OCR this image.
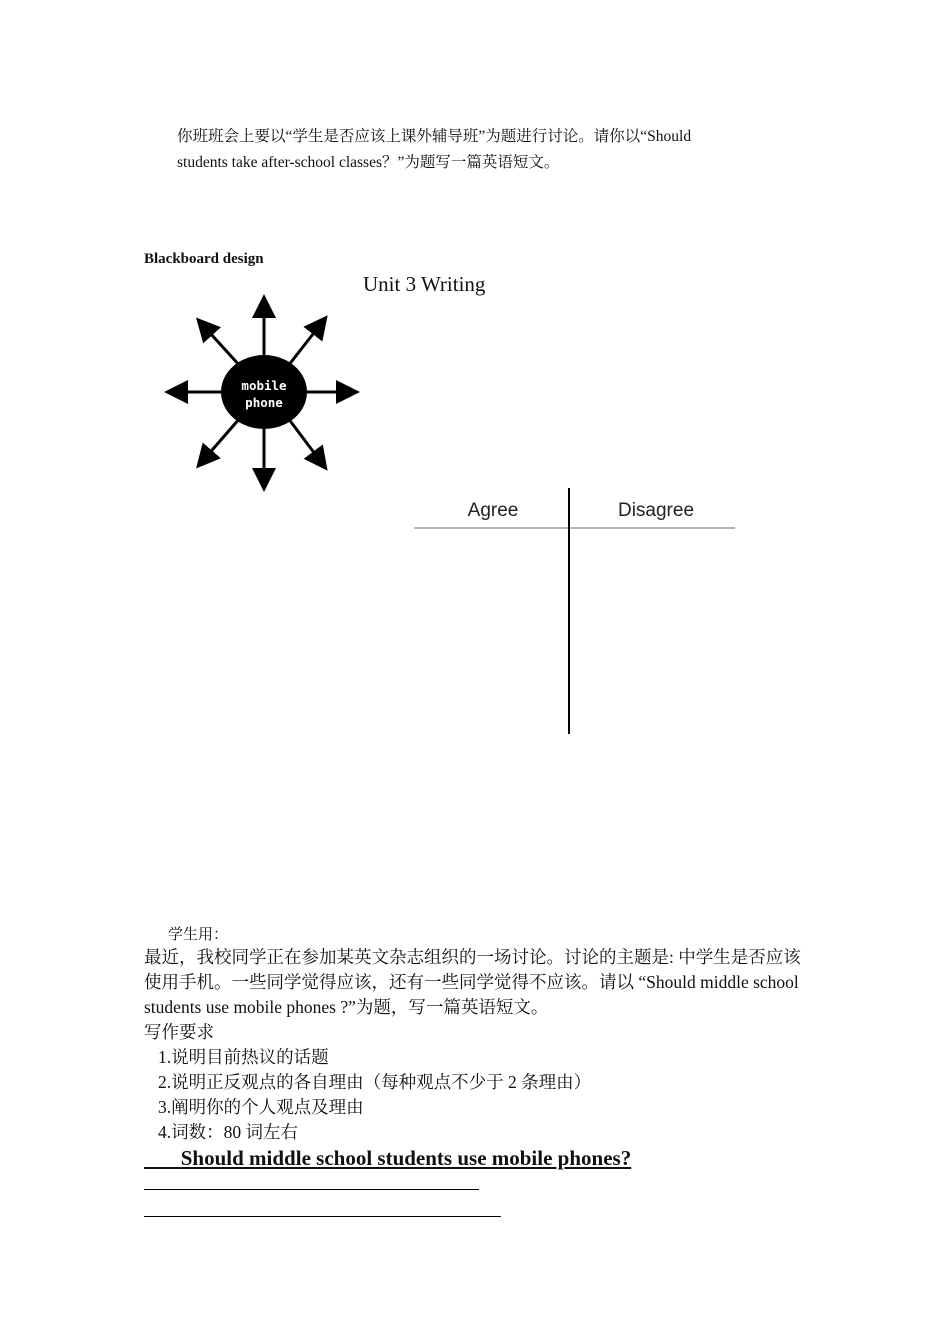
你班班会上要以“学生是否应该上课外辅导班”为题进行讨论。请你以“Should
students take after-school classes？”为题写一篇英语短文。
Blackboard design
Unit 3 Writing
mobile
phone
Agree	Disagree
学生用：
最近，我校同学正在参加某英文杂志组织的一场讨论。讨论的主题是: 中学生是否应该使用手机。一些同学觉得应该，还有一些同学觉得不应该。请以 “Should middle school students use mobile phones ?”为题，写一篇英语短文。
写作要求
1.说明目前热议的话题
2.说明正反观点的各自理由（每种观点不少于 2 条理由）
3.阐明你的个人观点及理由
4.词数：80 词左右
Should middle school students use mobile phones?
